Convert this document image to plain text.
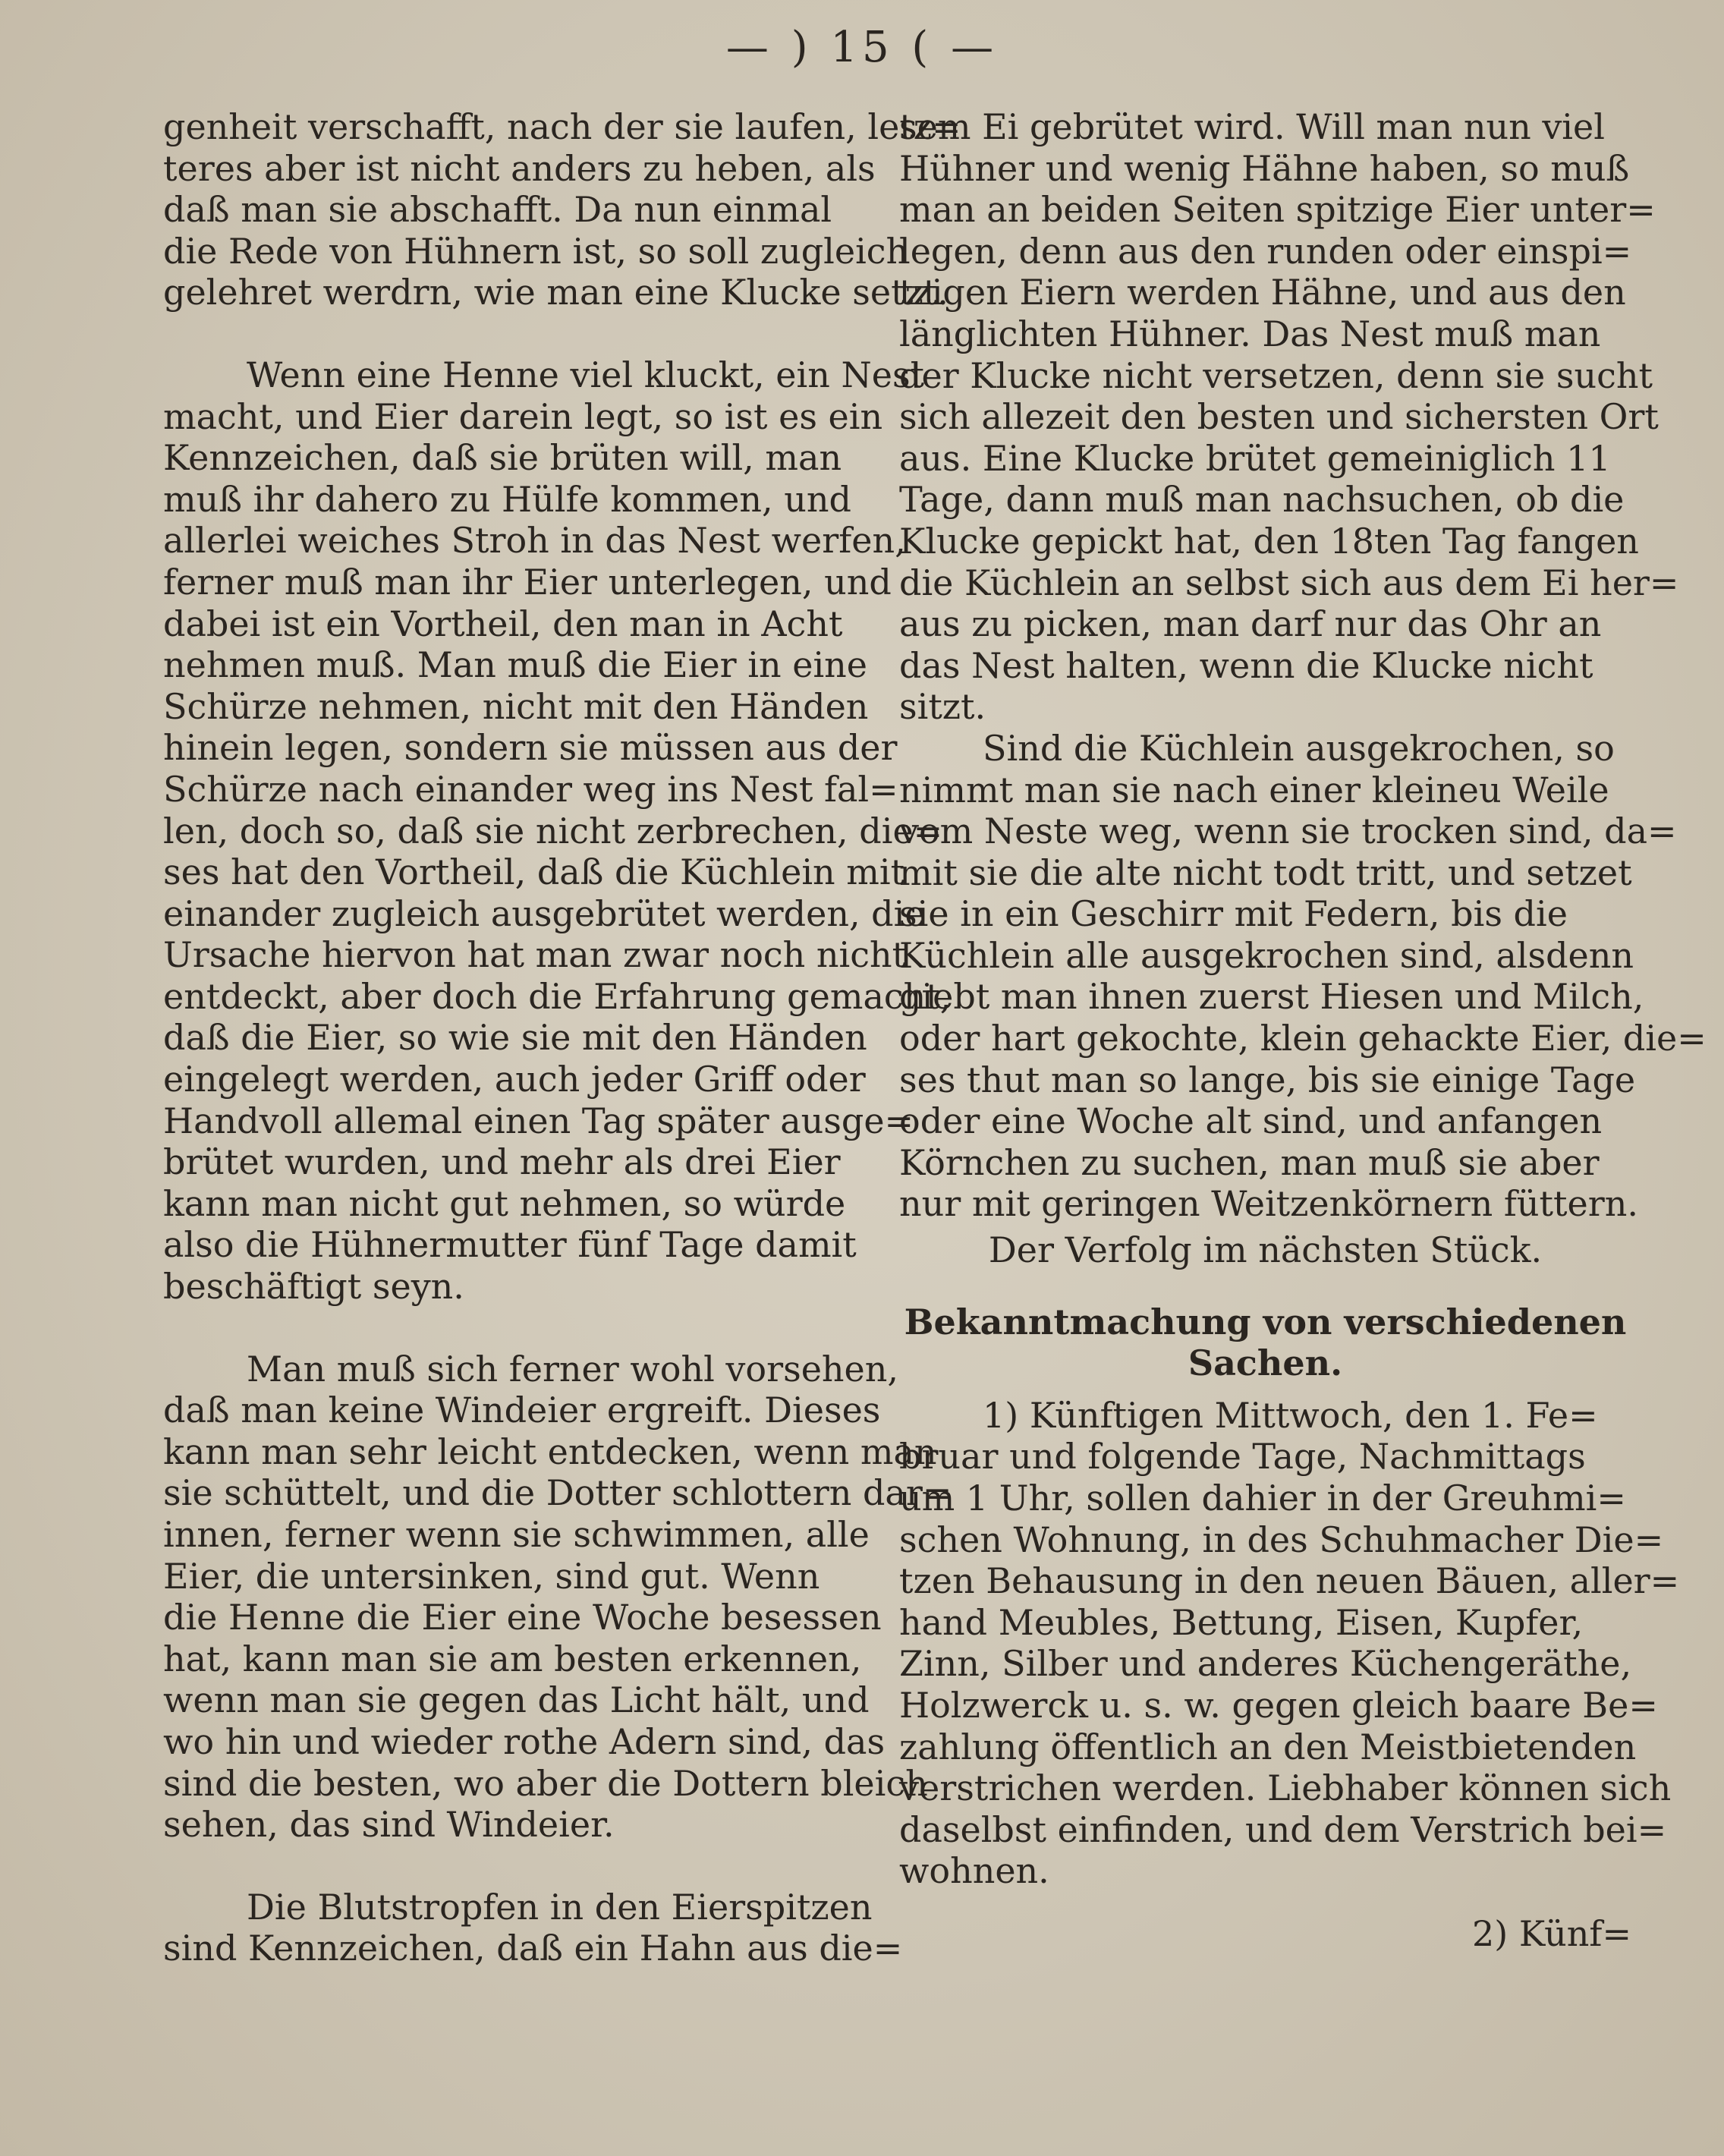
— ) 15 ( —
genheit verschafft, nach der sie laufen, letz=
teres aber ist nicht anders zu heben, als
daß man sie abschafft. Da nun einmal
die Rede von Hühnern ist, so soll zugleich
gelehret werdrn, wie man eine Klucke setzt.
Wenn eine Henne viel kluckt, ein Nest
macht, und Eier darein legt, so ist es ein
Kennzeichen, daß sie brüten will, man
muß ihr dahero zu Hülfe kommen, und
allerlei weiches Stroh in das Nest werfen,
ferner muß man ihr Eier unterlegen, und
dabei ist ein Vortheil, den man in Acht
nehmen muß. Man muß die Eier in eine
Schürze nehmen, nicht mit den Händen
hinein legen, sondern sie müssen aus der
Schürze nach einander weg ins Nest fal=
len, doch so, daß sie nicht zerbrechen, die=
ses hat den Vortheil, daß die Küchlein mit
einander zugleich ausgebrütet werden, die
Ursache hiervon hat man zwar noch nicht
entdeckt, aber doch die Erfahrung gemacht,
daß die Eier, so wie sie mit den Händen
eingelegt werden, auch jeder Griff oder
Handvoll allemal einen Tag später ausge=
brütet wurden, und mehr als drei Eier
kann man nicht gut nehmen, so würde
also die Hühnermutter fünf Tage damit
beschäftigt seyn.
Man muß sich ferner wohl vorsehen,
daß man keine Windeier ergreift. Dieses
kann man sehr leicht entdecken, wenn man
sie schüttelt, und die Dotter schlottern dar=
innen, ferner wenn sie schwimmen, alle
Eier, die untersinken, sind gut. Wenn
die Henne die Eier eine Woche besessen
hat, kann man sie am besten erkennen,
wenn man sie gegen das Licht hält, und
wo hin und wieder rothe Adern sind, das
sind die besten, wo aber die Dottern bleich
sehen, das sind Windeier.
Die Blutstropfen in den Eierspitzen
sind Kennzeichen, daß ein Hahn aus die=
sem Ei gebrütet wird. Will man nun viel
Hühner und wenig Hähne haben, so muß
man an beiden Seiten spitzige Eier unter=
legen, denn aus den runden oder einspi=
tzigen Eiern werden Hähne, und aus den
länglichten Hühner. Das Nest muß man
der Klucke nicht versetzen, denn sie sucht
sich allezeit den besten und sichersten Ort
aus. Eine Klucke brütet gemeiniglich 11
Tage, dann muß man nachsuchen, ob die
Klucke gepickt hat, den 18ten Tag fangen
die Küchlein an selbst sich aus dem Ei her=
aus zu picken, man darf nur das Ohr an
das Nest halten, wenn die Klucke nicht
sitzt.
Sind die Küchlein ausgekrochen, so
nimmt man sie nach einer kleineu Weile
vom Neste weg, wenn sie trocken sind, da=
mit sie die alte nicht todt tritt, und setzet
sie in ein Geschirr mit Federn, bis die
Küchlein alle ausgekrochen sind, alsdenn
giebt man ihnen zuerst Hiesen und Milch,
oder hart gekochte, klein gehackte Eier, die=
ses thut man so lange, bis sie einige Tage
oder eine Woche alt sind, und anfangen
Körnchen zu suchen, man muß sie aber
nur mit geringen Weitzenkörnern füttern.
Der Verfolg im nächsten Stück.
Bekanntmachung von verschiedenen
Sachen.
1) Künftigen Mittwoch, den 1. Fe=
bruar und folgende Tage, Nachmittags
um 1 Uhr, sollen dahier in der Greuhmi=
schen Wohnung, in des Schuhmacher Die=
tzen Behausung in den neuen Bäuen, aller=
hand Meubles, Bettung, Eisen, Kupfer,
Zinn, Silber und anderes Küchengeräthe,
Holzwerck u. s. w. gegen gleich baare Be=
zahlung öffentlich an den Meistbietenden
verstrichen werden. Liebhaber können sich
daselbst einfinden, und dem Verstrich bei=
wohnen.
2) Künf=
